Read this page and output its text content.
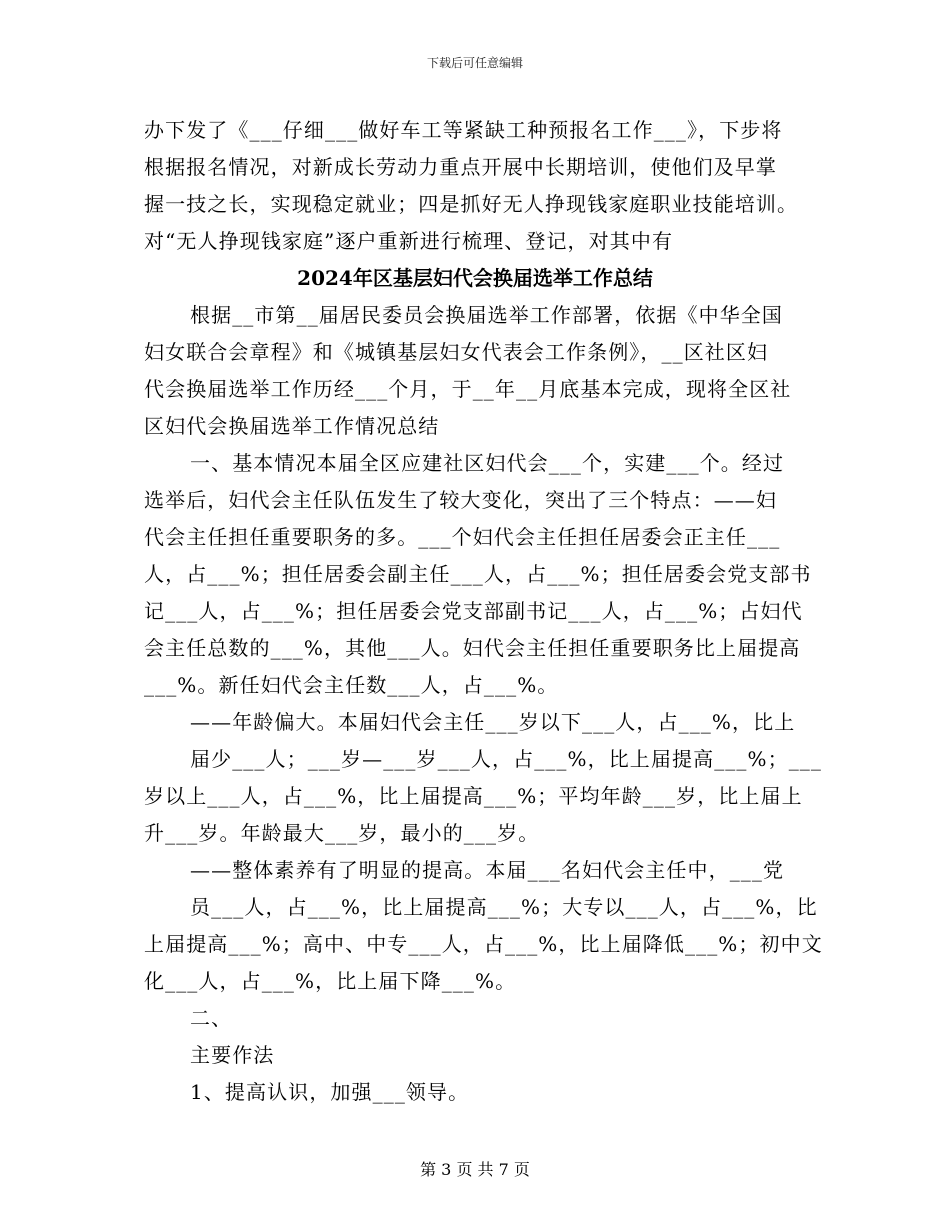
下载后可任意编辑
办下发了《___仔细___做好车工等紧缺工种预报名工作___》，下步将
根据报名情况，对新成长劳动力重点开展中长期培训，使他们及早掌
握一技之长，实现稳定就业；四是抓好无人挣现钱家庭职业技能培训。
对“无人挣现钱家庭”逐户重新进行梳理、登记，对其中有
2024年区基层妇代会换届选举工作总结
根据__市第__届居民委员会换届选举工作部署，依据《中华全国
妇女联合会章程》和《城镇基层妇女代表会工作条例》，__区社区妇
代会换届选举工作历经___个月，于__年__月底基本完成，现将全区社
区妇代会换届选举工作情况总结
一、基本情况本届全区应建社区妇代会___个，实建___个。经过
选举后，妇代会主任队伍发生了较大变化，突出了三个特点：——妇
代会主任担任重要职务的多。___个妇代会主任担任居委会正主任___
人，占___%；担任居委会副主任___人，占___%；担任居委会党支部书
记___人，占___%；担任居委会党支部副书记___人，占___%；占妇代
会主任总数的___%，其他___人。妇代会主任担任重要职务比上届提高
___%。新任妇代会主任数___人，占___%。
——年龄偏大。本届妇代会主任___岁以下___人，占___%，比上
届少___人；___岁—___岁___人，占___%，比上届提高___%；___
岁以上___人，占___%，比上届提高___%；平均年龄___岁，比上届上
升___岁。年龄最大___岁，最小的___岁。
——整体素养有了明显的提高。本届___名妇代会主任中，___党
员___人，占___%，比上届提高___%；大专以___人，占___%，比
上届提高___%；高中、中专___人，占___%，比上届降低___%；初中文
化___人，占___%，比上届下降___%。
二、
主要作法
1、提高认识，加强___领导。
第 3 页 共 7 页
